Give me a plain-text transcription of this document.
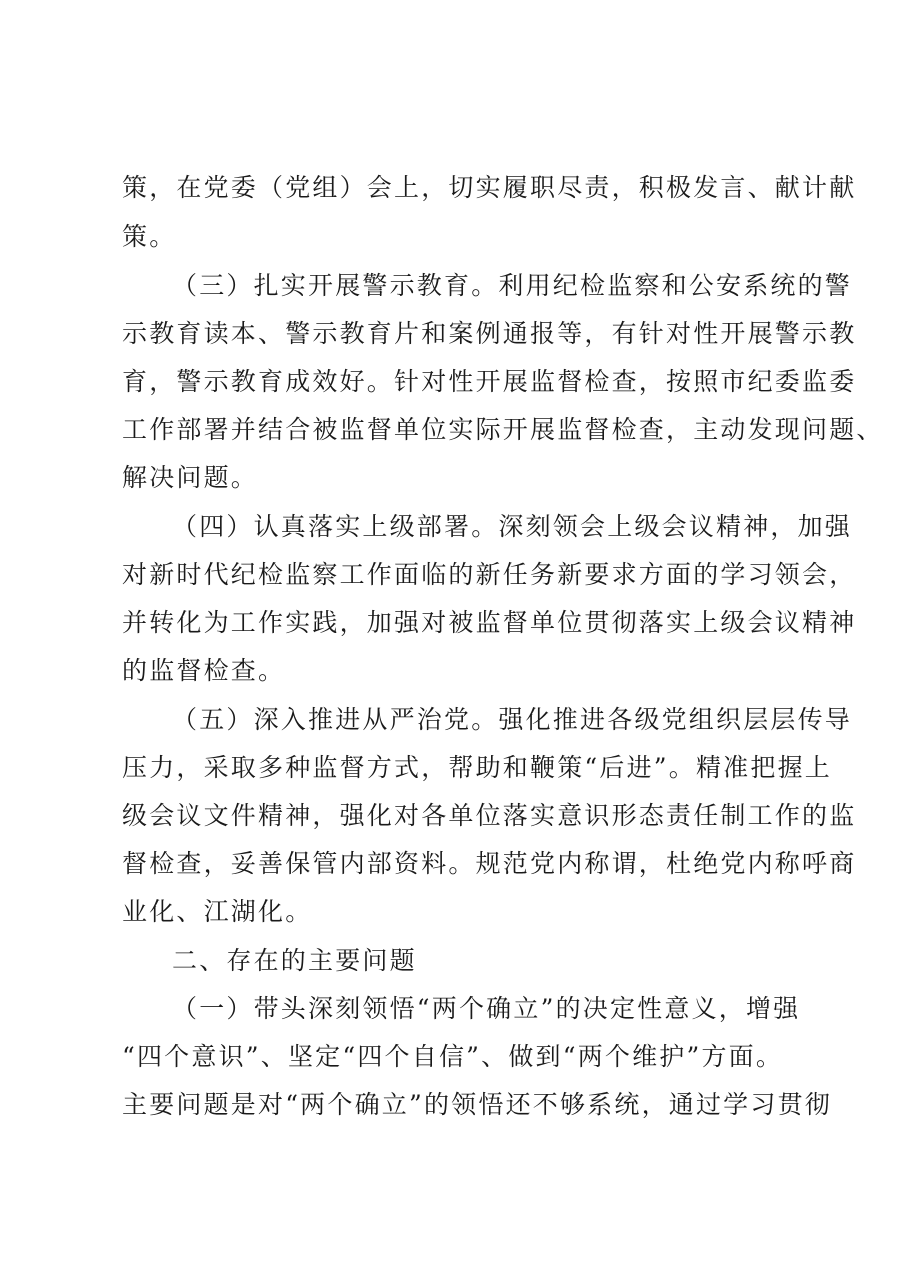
策，在党委（党组）会上，切实履职尽责，积极发言、献计献
策。
（三）扎实开展警示教育。利用纪检监察和公安系统的警
示教育读本、警示教育片和案例通报等，有针对性开展警示教
育，警示教育成效好。针对性开展监督检查，按照市纪委监委
工作部署并结合被监督单位实际开展监督检查，主动发现问题、
解决问题。
（四）认真落实上级部署。深刻领会上级会议精神，加强
对新时代纪检监察工作面临的新任务新要求方面的学习领会，
并转化为工作实践，加强对被监督单位贯彻落实上级会议精神
的监督检查。
（五）深入推进从严治党。强化推进各级党组织层层传导
压力，采取多种监督方式，帮助和鞭策“后进”。精准把握上
级会议文件精神，强化对各单位落实意识形态责任制工作的监
督检查，妥善保管内部资料。规范党内称谓，杜绝党内称呼商
业化、江湖化。
二、存在的主要问题
（一）带头深刻领悟“两个确立”的决定性意义，增强
“四个意识”、坚定“四个自信”、做到“两个维护”方面。
主要问题是对“两个确立”的领悟还不够系统，通过学习贯彻
